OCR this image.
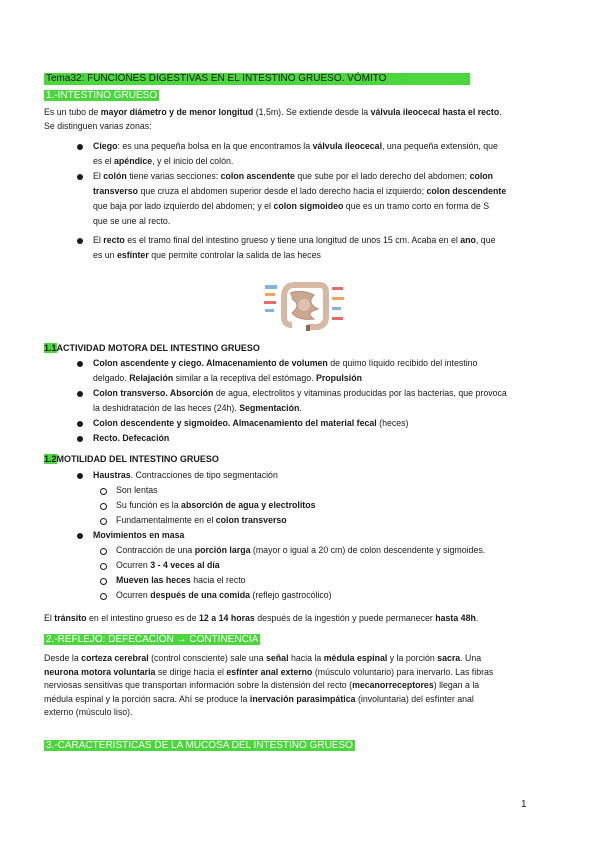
Tema32: FUNCIONES DIGESTIVAS EN EL INTESTINO GRUESO. VÓMITO
1.-INTESTINO GRUESO
Es un tubo de mayor diámetro y de menor longitud (1,5m). Se extiende desde la válvula ileocecal hasta el recto.
Se distinguen varias zonas:
Ciego: es una pequeña bolsa en la que encontramos la válvula ileocecal, una pequeña extensión, que
es el apéndice, y el inicio del colón.
El colón tiene varias secciones: colon ascendente que sube por el lado derecho del abdomen; colon
transverso que cruza el abdomen superior desde el lado derecho hacia el izquierdo; colon descendente
que baja por lado izquierdo del abdomen; y el colon sigmoideo que es un tramo corto en forma de S
que se une al recto.
El recto es el tramo final del intestino grueso y tiene una longitud de unos 15 cm. Acaba en el ano, que
es un esfínter que permite controlar la salida de las heces
1.1ACTIVIDAD MOTORA DEL INTESTINO GRUESO
Colon ascendente y ciego. Almacenamiento de volumen de quimo líquido recibido del intestino
delgado. Relajación similar a la receptiva del estómago. Propulsión
Colon transverso. Absorción de agua, electrolitos y vitaminas producidas por las bacterias, que provoca
la deshidratación de las heces (24h). Segmentación.
Colon descendente y sigmoideo. Almacenamiento del material fecal (heces)
Recto. Defecación
1.2MOTILIDAD DEL INTESTINO GRUESO
Haustras. Contracciones de tipo segmentación
Son lentas
Su función es la absorción de agua y electrolitos
Fundamentalmente en el colon transverso
Movimientos en masa
Contracción de una porción larga (mayor o igual a 20 cm) de colon descendente y sigmoides.
Ocurren 3 - 4 veces al día
Mueven las heces hacia el recto
Ocurren después de una comida (reflejo gastrocólico)
El tránsito en el intestino grueso es de 12 a 14 horas después de la ingestión y puede permanecer hasta 48h.
2.-REFLEJO: DEFECACIÓN → CONTINENCIA
Desde la corteza cerebral (control consciente) sale una señal hacia la médula espinal y la porción sacra. Una
neurona motora voluntaria se dirige hacia el esfínter anal externo (músculo voluntario) para inervarlo. Las fibras
nerviosas sensitivas que transportan información sobre la distensión del recto (mecanorreceptores) llegan a la
médula espinal y la porción sacra. Ahí se produce la inervación parasimpática (involuntaria) del esfínter anal
externo (músculo liso).
3.-CARACTERISTICAS DE LA MUCOSA DEL INTESTINO GRUESO
1
